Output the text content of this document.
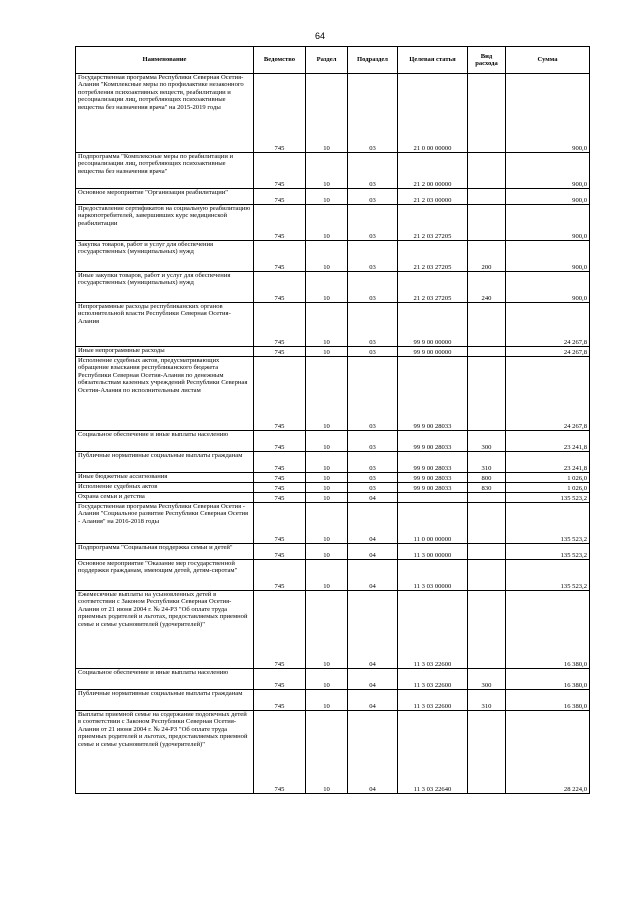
64
Наименование	Ведомство	Раздел	Подраздел	Целевая статья	Вид расхода	Сумма
Государственная программа Республики Северная Осетия-Алания "Комплексные меры по профилактике незаконного потребления психоактивных веществ, реабилитации и ресоциализации лиц, потребляющих психоактивные вещества без назначения врача" на 2015-2019 годы	745	10	03	21 0 00 00000		900,0
Подпрограмма "Комплексные меры по реабилитации и ресоциализации лиц, потребляющих психоактивные вещества без назначения врача"	745	10	03	21 2 00 00000		900,0
Основное мероприятие "Организация реабилитации"	745	10	03	21 2 03 00000		900,0
Предоставление сертификатов на социальную реабилитацию наркопотребителей, завершивших курс медицинской реабилитации	745	10	03	21 2 03 27205		900,0
Закупка товаров, работ и услуг для обеспечения государственных (муниципальных) нужд	745	10	03	21 2 03 27205	200	900,0
Иные закупки товаров, работ и услуг для обеспечения государственных (муниципальных) нужд	745	10	03	21 2 03 27205	240	900,0
Непрограммные расходы республиканских органов исполнительной власти Республики Северная Осетия-Алания	745	10	03	99 9 00 00000		24 267,8
Иные непрограммные расходы	745	10	03	99 9 00 00000		24 267,8
Исполнение судебных актов, предусматривающих обращение взыскания республиканского бюджета Республики Северная Осетия-Алания по денежным обязательствам казенных учреждений Республики Северная Осетия-Алания по исполнительным листам	745	10	03	99 9 00 28033		24 267,8
Социальное обеспечение и иные выплаты населению	745	10	03	99 9 00 28033	300	23 241,8
Публичные нормативные социальные выплаты гражданам	745	10	03	99 9 00 28033	310	23 241,8
Иные бюджетные ассигнования	745	10	03	99 9 00 28033	800	1 026,0
Исполнение судебных актов	745	10	03	99 9 00 28033	830	1 026,0
Охрана семьи и детства	745	10	04			135 523,2
Государственная программа Республики Северная Осетия - Алания "Социальное развитие Республики Северная Осетия - Алания" на 2016-2018 годы	745	10	04	11 0 00 00000		135 523,2
Подпрограмма "Социальная поддержка семьи и детей"	745	10	04	11 3 00 00000		135 523,2
Основное мероприятие "Оказание мер государственной поддержки гражданам, имеющим детей, детям-сиротам"	745	10	04	11 3 03 00000		135 523,2
Ежемесячные выплаты на усыновленных детей в соответствии с Законом Республики Северная Осетия-Алания от 21 июня 2004 г. № 24-РЗ "Об оплате труда приемных родителей и льготах, предоставляемых приемной семье и семье усыновителей (удочерителей)"	745	10	04	11 3 03 22600		16 380,0
Социальное обеспечение и иные выплаты населению	745	10	04	11 3 03 22600	300	16 380,0
Публичные нормативные социальные выплаты гражданам	745	10	04	11 3 03 22600	310	16 380,0
Выплаты приемной семье на содержание подопечных детей в соответствии с Законом Республики Северная Осетия-Алания от 21 июня 2004 г. № 24-РЗ "Об оплате труда приемных родителей и льготах, предоставляемых приемной семье и семье усыновителей (удочерителей)"	745	10	04	11 3 03 22640		28 224,0
